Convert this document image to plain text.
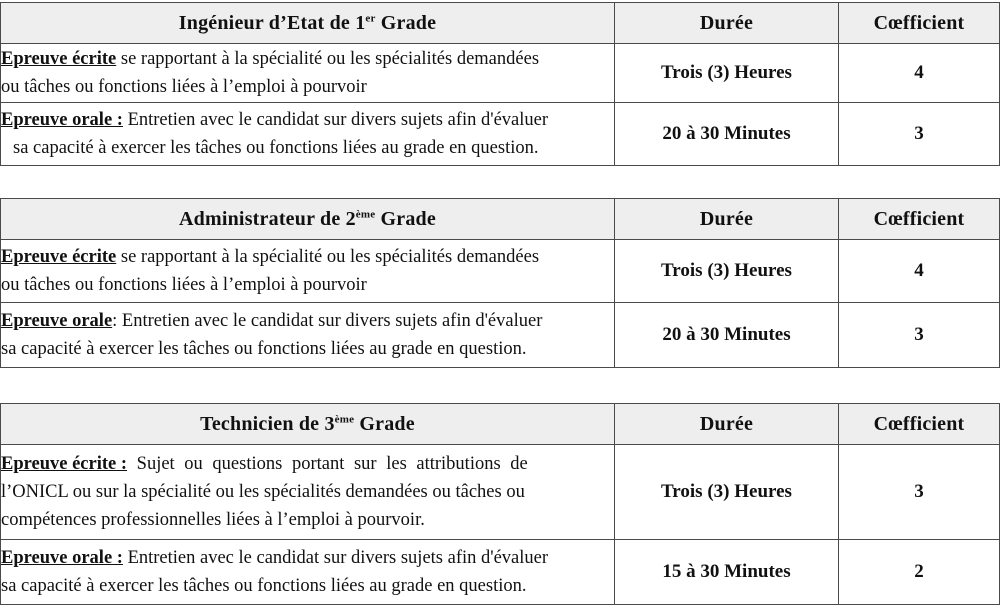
Ingénieur d’Etat de 1er Grade	Durée	Cœfficient
Epreuve écrite se rapportant à la spécialité ou les spécialités demandées
ou tâches ou fonctions liées à l’emploi à pourvoir	Trois (3) Heures	4
Epreuve orale : Entretien avec le candidat sur divers sujets afin d'évaluer
sa capacité à exercer les tâches ou fonctions liées au grade en question.	20 à 30 Minutes	3
Administrateur de 2ème Grade	Durée	Cœfficient
Epreuve écrite se rapportant à la spécialité ou les spécialités demandées
ou tâches ou fonctions liées à l’emploi à pourvoir	Trois (3) Heures	4
Epreuve orale: Entretien avec le candidat sur divers sujets afin d'évaluer
sa capacité à exercer les tâches ou fonctions liées au grade en question.	20 à 30 Minutes	3
Technicien de 3ème Grade	Durée	Cœfficient
Epreuve écrite : Sujet ou questions portant sur les attributions de
l’ONICL ou sur la spécialité ou les spécialités demandées ou tâches ou
compétences professionnelles liées à l’emploi à pourvoir.	Trois (3) Heures	3
Epreuve orale : Entretien avec le candidat sur divers sujets afin d'évaluer
sa capacité à exercer les tâches ou fonctions liées au grade en question.	15 à 30 Minutes	2
